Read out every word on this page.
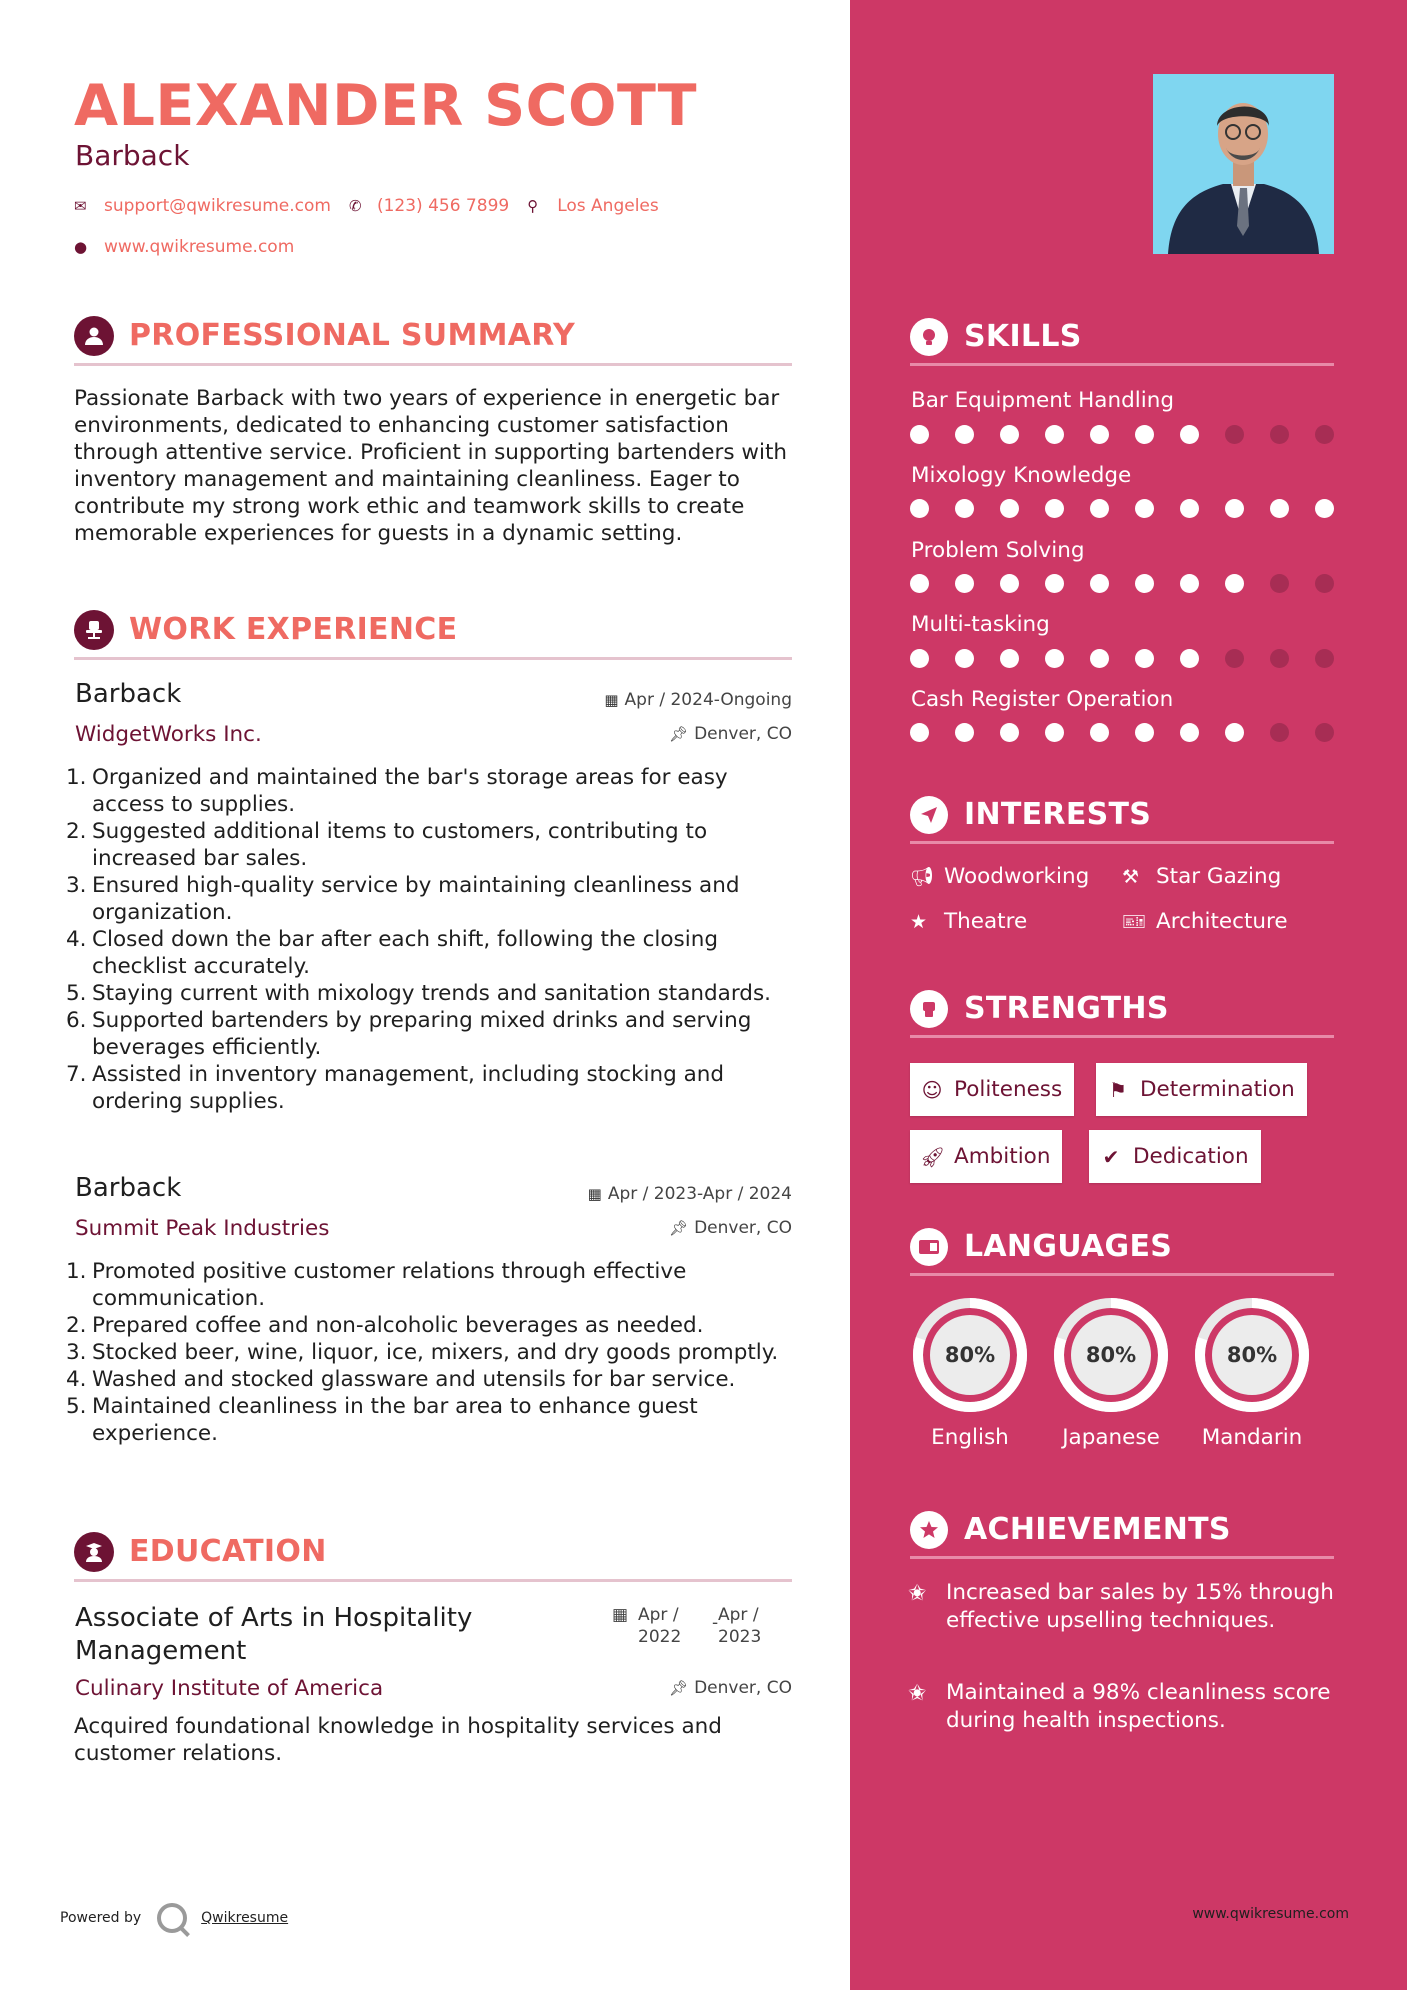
ALEXANDER SCOTT
Barback
✉	support@qwikresume.com ✆ (123) 456 7899 ⚲	Los Angeles
● www.qwikresume.com
PROFESSIONAL SUMMARY
Passionate Barback with two years of experience in energetic bar environments, dedicated to enhancing customer satisfaction through attentive service. Proficient in supporting bartenders with inventory management and maintaining cleanliness. Eager to contribute my strong work ethic and teamwork skills to create memorable experiences for guests in a dynamic setting.
WORK EXPERIENCE
Barback	▦ Apr / 2024-Ongoing
WidgetWorks Inc.	📌︎ Denver, CO
1. Organized and maintained the bar's storage areas for easy access to supplies.
2. Suggested additional items to customers, contributing to increased bar sales.
3. Ensured high-quality service by maintaining cleanliness and organization.
4. Closed down the bar after each shift, following the closing checklist accurately.
5. Staying current with mixology trends and sanitation standards.
6. Supported bartenders by preparing mixed drinks and serving beverages efficiently.
7. Assisted in inventory management, including stocking and ordering supplies.
Barback	▦ Apr / 2023-Apr / 2024
Summit Peak Industries	📌︎ Denver, CO
1. Promoted positive customer relations through effective communication.
2. Prepared coffee and non-alcoholic beverages as needed.
3. Stocked beer, wine, liquor, ice, mixers, and dry goods promptly.
4. Washed and stocked glassware and utensils for bar service.
5. Maintained cleanliness in the bar area to enhance guest experience.
EDUCATION
Associate of Arts in Hospitality Management
▦ Apr /
2022
- Apr /
2023
Culinary Institute of America	📌︎ Denver, CO
Acquired foundational knowledge in hospitality services and customer relations.
Powered by	Qwikresume	www.qwikresume.com
SKILLS
Bar Equipment Handling
Mixology Knowledge
Problem Solving
Multi-tasking
Cash Register Operation
INTERESTS
📢︎ Woodworking ⚒ Star Gazing
★ Theatre	🎫︎ Architecture
STRENGTHS
☺ Politeness ⚑ Determination
🚀︎ Ambition	✔ Dedication
LANGUAGES
80%
English
80%
Japanese
80%
Mandarin
ACHIEVEMENTS
✬ Increased bar sales by 15% through effective upselling techniques.
✬ Maintained a 98% cleanliness score during health inspections.
